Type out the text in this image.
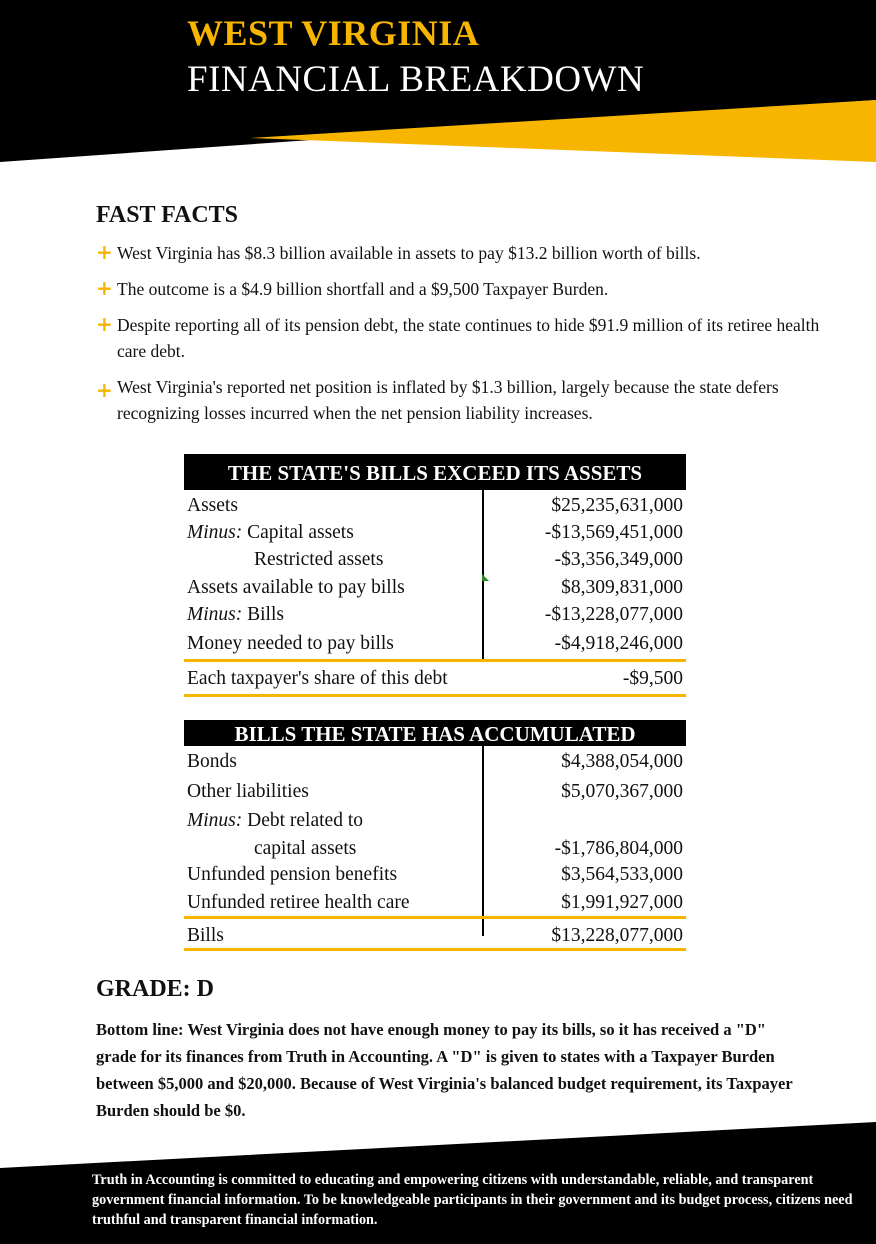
WEST VIRGINIA
FINANCIAL BREAKDOWN
FAST FACTS
+ West Virginia has $8.3 billion available in assets to pay $13.2 billion worth of bills.
+ The outcome is a $4.9 billion shortfall and a $9,500 Taxpayer Burden.
+ Despite reporting all of its pension debt, the state continues to hide $91.9 million of its retiree health care debt.
+ West Virginia's reported net position is inflated by $1.3 billion, largely because the state defers recognizing losses incurred when the net pension liability increases.
THE STATE'S BILLS EXCEED ITS ASSETS
Assets	$25,235,631,000
Minus: Capital assets	-$13,569,451,000
Restricted assets	-$3,356,349,000
Assets available to pay bills	$8,309,831,000
Minus: Bills	-$13,228,077,000
Money needed to pay bills	-$4,918,246,000
Each taxpayer's share of this debt	-$9,500
BILLS THE STATE HAS ACCUMULATED
Bonds	$4,388,054,000
Other liabilities	$5,070,367,000
Minus: Debt related to
capital assets	-$1,786,804,000
Unfunded pension benefits	$3,564,533,000
Unfunded retiree health care	$1,991,927,000
Bills	$13,228,077,000
GRADE: D
Bottom line: West Virginia does not have enough money to pay its bills, so it has received a "D" grade for its finances from Truth in Accounting. A "D" is given to states with a Taxpayer Burden between $5,000 and $20,000. Because of West Virginia's balanced budget requirement, its Taxpayer Burden should be $0.
Truth in Accounting is committed to educating and empowering citizens with understandable, reliable, and transparent government financial information. To be knowledgeable participants in their government and its budget process, citizens need truthful and transparent financial information.
